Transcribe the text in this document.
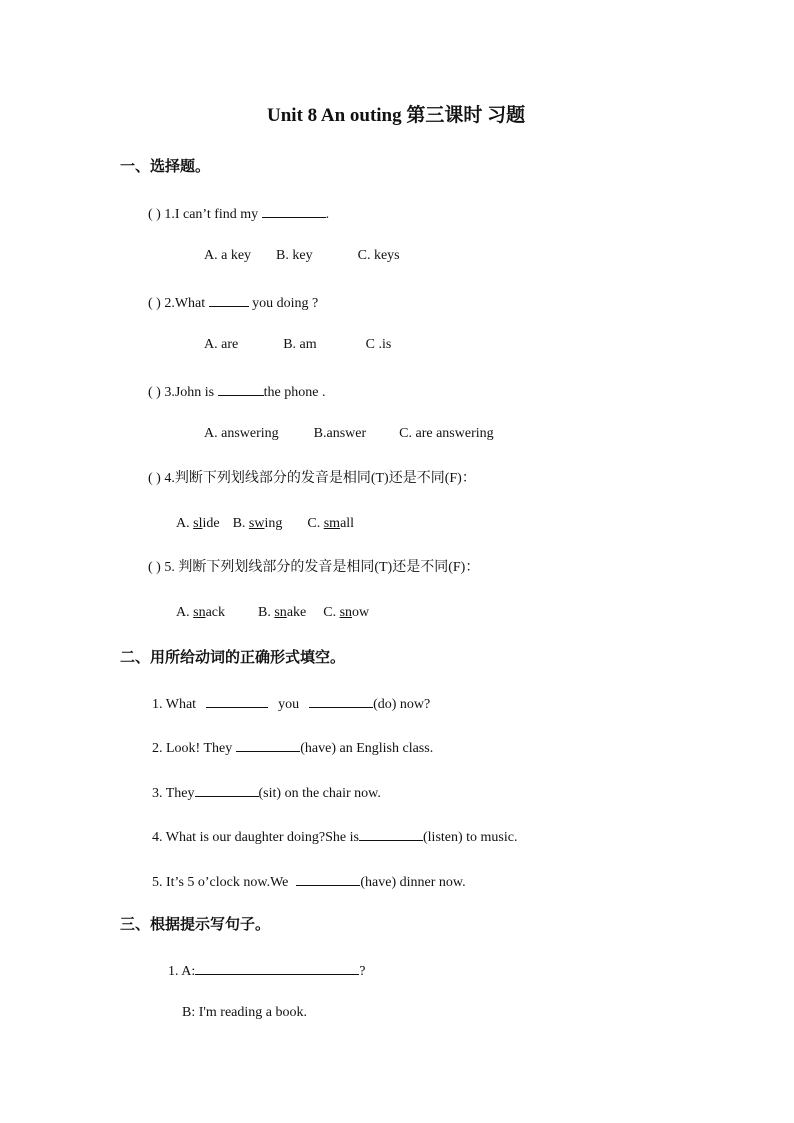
Unit 8 An outing 第三课时 习题
一、选择题。
( ) 1.I can’t find my	.
A. a key B. key	C. keys
( ) 2.What	you doing ?
A. are	B. am	C .is
( ) 3.John is	the phone .
A. answering	B.answer C. are answering
( ) 4.判断下列划线部分的发音是相同(T)还是不同(F)：
A. slide B. swing C. small
( ) 5. 判断下列划线部分的发音是相同(T)还是不同(F)：
A. snack B. snake C. snow
二、用所给动词的正确形式填空。
1. What	you	(do) now?
2. Look! They	(have) an English class.
3. They	(sit) on the chair now.
4. What is our daughter doing?She is	(listen) to music.
5. It’s 5 o’clock now.We	(have) dinner now.
三、根据提示写句子。
1. A:	?
B: I'm reading a book.
